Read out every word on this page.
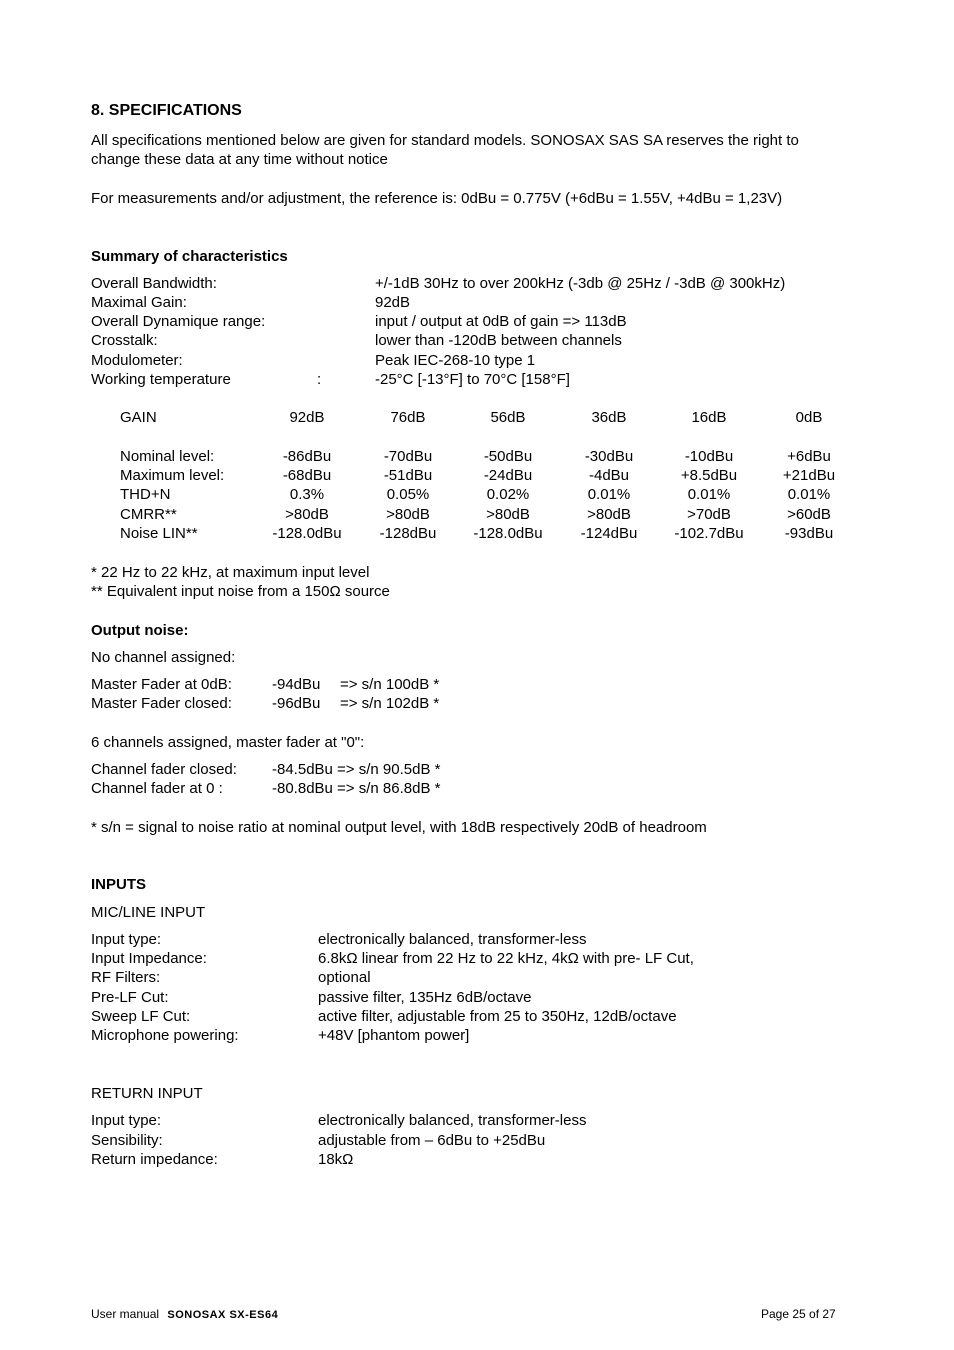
8. SPECIFICATIONS
All specifications mentioned below are given for standard models. SONOSAX SAS SA reserves the right to
change these data at any time without notice
For measurements and/or adjustment, the reference is: 0dBu = 0.775V (+6dBu = 1.55V, +4dBu = 1,23V)
Summary of characteristics
Overall Bandwidth:	+/-1dB 30Hz to over 200kHz (-3db @ 25Hz / -3dB @ 300kHz)
Maximal Gain:	92dB
Overall Dynamique range:	input / output at 0dB of gain => 113dB
Crosstalk:	lower than -120dB between channels
Modulometer:	Peak IEC-268-10 type 1
Working temperature	:	-25°C [-13°F] to 70°C [158°F]
GAIN	92dB	76dB	56dB	36dB	16dB	0dB
Nominal level:	-86dBu	-70dBu	-50dBu	-30dBu	-10dBu	+6dBu
Maximum level:	-68dBu	-51dBu	-24dBu	-4dBu	+8.5dBu	+21dBu
THD+N	0.3%	0.05%	0.02%	0.01%	0.01%	0.01%
CMRR**	>80dB	>80dB	>80dB	>80dB	>70dB	>60dB
Noise LIN**	-128.0dBu	-128dBu	-128.0dBu	-124dBu	-102.7dBu	-93dBu
* 22 Hz to 22 kHz, at maximum input level
** Equivalent input noise from a 150Ω source
Output noise:
No channel assigned:
Master Fader at 0dB:	-94dBu => s/n 100dB *
Master Fader closed:	-96dBu => s/n 102dB *
6 channels assigned, master fader at "0":
Channel fader closed: -84.5dBu => s/n 90.5dB *
Channel fader at 0 :	-80.8dBu => s/n 86.8dB *
* s/n = signal to noise ratio at nominal output level, with 18dB respectively 20dB of headroom
INPUTS
MIC/LINE INPUT
Input type:	electronically balanced, transformer-less
Input Impedance:	6.8kΩ linear from 22 Hz to 22 kHz, 4kΩ with pre- LF Cut,
RF Filters:	optional
Pre-LF Cut:	passive filter, 135Hz 6dB/octave
Sweep LF Cut:	active filter, adjustable from 25 to 350Hz, 12dB/octave
Microphone powering:	+48V [phantom power]
RETURN INPUT
Input type:	electronically balanced, transformer-less
Sensibility:	adjustable from – 6dBu to +25dBu
Return impedance:	18kΩ
User manual SONOSAX SX-ES64	Page 25 of 27
